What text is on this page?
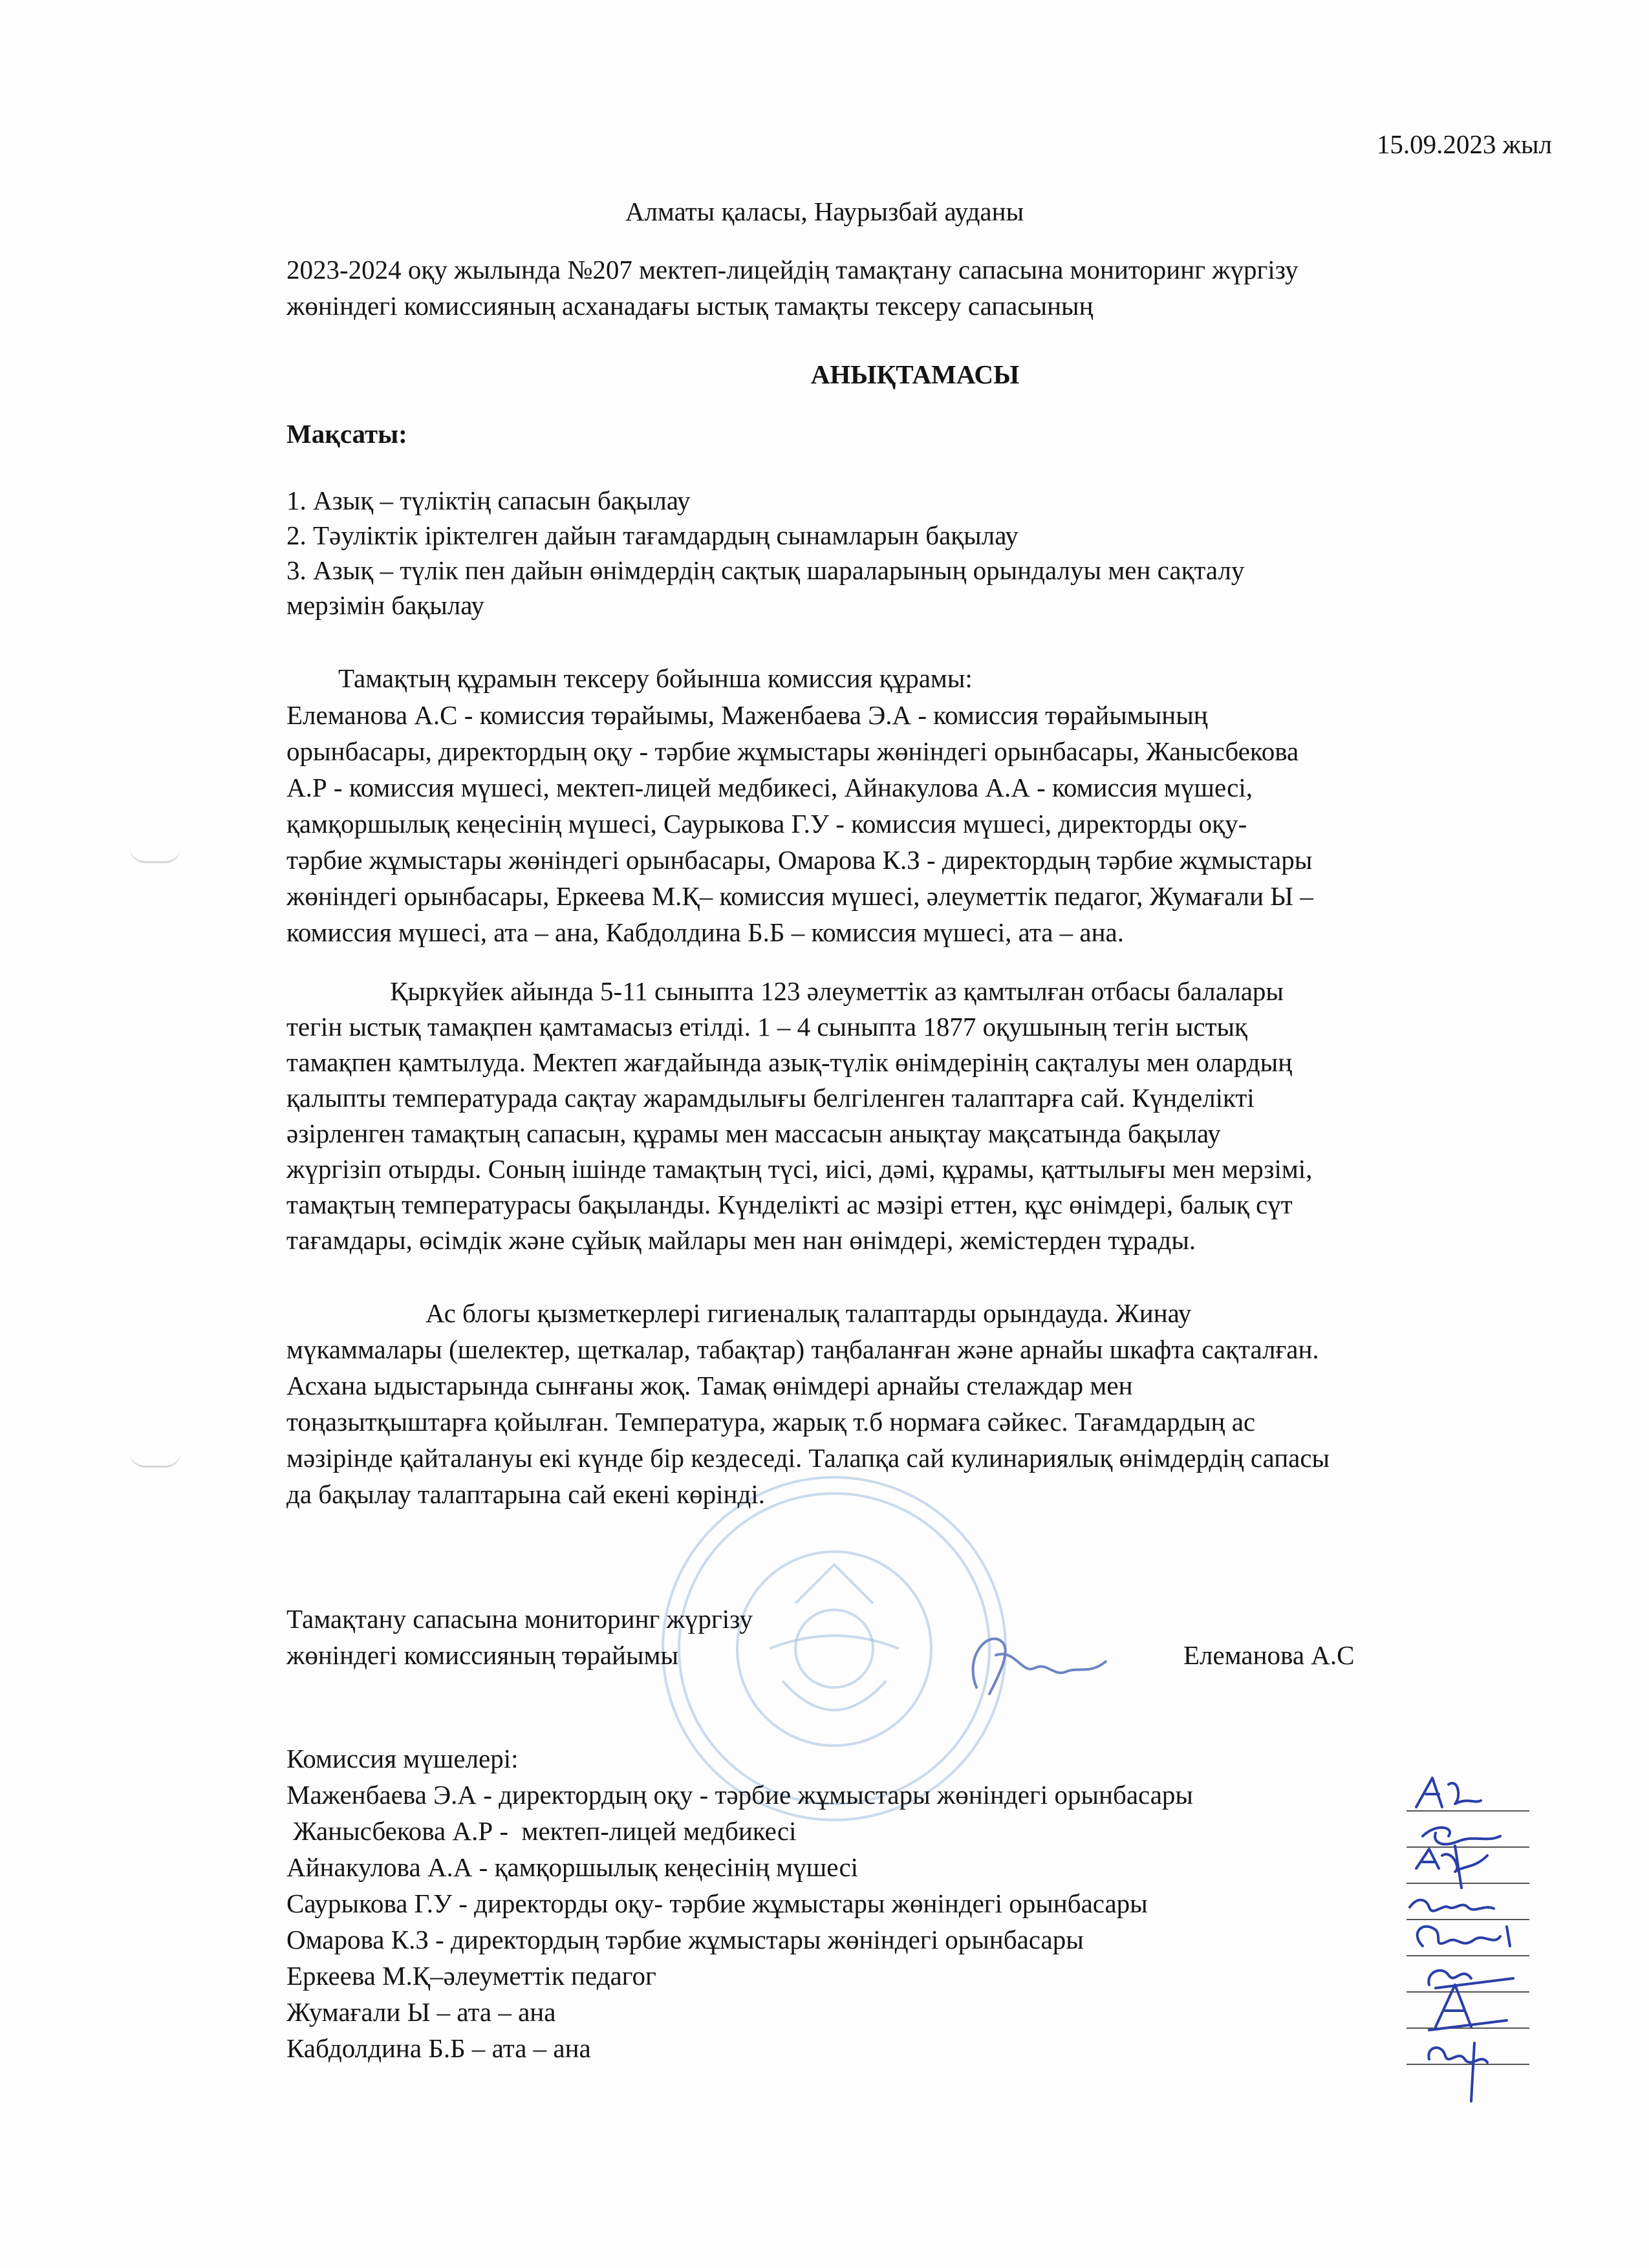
15.09.2023 жыл
Алматы қаласы, Наурызбай ауданы
2023-2024 оқу жылында №207 мектеп-лицейдің тамақтану сапасына мониторинг жүргізу
жөніндегі комиссияның асханадағы ыстық тамақты тексеру сапасының
АНЫҚТАМАСЫ
Мақсаты:

1. Азық – түліктің сапасын бақылау

2. Тәуліктік іріктелген дайын тағамдардың сынамларын бақылау

3. Азық – түлік пен дайын өнімдердің сақтық шараларының орындалуы мен сақталу

мерзімін бақылау

Тамақтың құрамын тексеру бойынша комиссия құрамы:

Елеманова А.С - комиссия төрайымы, Маженбаева Э.А - комиссия төрайымының

орынбасары, директордың оқу - тәрбие жұмыстары жөніндегі орынбасары, Жанысбекова

А.Р - комиссия мүшесі, мектеп-лицей медбикесі, Айнакулова А.А - комиссия мүшесі,

қамқоршылық кеңесінің мүшесі, Саурыкова Г.У - комиссия мүшесі, директорды оқу-

тәрбие жұмыстары жөніндегі орынбасары, Омарова К.З - директордың тәрбие жұмыстары

жөніндегі орынбасары, Еркеева М.Қ– комиссия мүшесі, әлеуметтік педагог, Жумағали Ы –

комиссия мүшесі, ата – ана, Кабдолдина Б.Б – комиссия мүшесі, ата – ана.

Қыркүйек айында 5-11 сыныпта 123 әлеуметтік аз қамтылған отбасы балалары

тегін ыстық тамақпен қамтамасыз етілді. 1 – 4 сыныпта 1877 оқушының тегін ыстық

тамақпен қамтылуда. Мектеп жағдайында азық-түлік өнімдерінің сақталуы мен олардың

қалыпты температурада сақтау жарамдылығы белгіленген талаптарға сай. Күнделікті

әзірленген тамақтың сапасын, құрамы мен массасын анықтау мақсатында бақылау

жүргізіп отырды. Соның ішінде тамақтың түсі, иісі, дәмі, құрамы, қаттылығы мен мерзімі,

тамақтың температурасы бақыланды. Күнделікті ас мәзірі еттен, құс өнімдері, балық сүт

тағамдары, өсімдік және сұйық майлары мен нан өнімдері, жемістерден тұрады.

Ас блогы қызметкерлері гигиеналық талаптарды орындауда. Жинау

мүкаммалары (шелектер, щеткалар, табақтар) таңбаланған және арнайы шкафта сақталған.

Асхана ыдыстарында сынғаны жоқ. Тамақ өнімдері арнайы стелаждар мен

тоңазытқыштарға қойылған. Температура, жарық т.б нормаға сәйкес. Тағамдардың ас

мәзірінде қайталануы екі күнде бір кездеседі. Талапқа сай кулинариялық өнімдердің сапасы

да бақылау талаптарына сай екені көрінді.

Тамақтану сапасына мониторинг жүргізу
жөніндегі комиссияның төрайымы	Елеманова А.С
Комиссия мүшелері:
Маженбаева Э.А - директордың оқу - тәрбие жұмыстары жөніндегі орынбасары
Жанысбекова А.Р -  мектеп-лицей медбикесі
Айнакулова А.А - қамқоршылық кеңесінің мүшесі
Саурыкова Г.У - директорды оқу- тәрбие жұмыстары жөніндегі орынбасары
Омарова К.З - директордың тәрбие жұмыстары жөніндегі орынбасары
Еркеева М.Қ–әлеуметтік педагог
Жумағали Ы – ата – ана
Кабдолдина Б.Б – ата – ана
